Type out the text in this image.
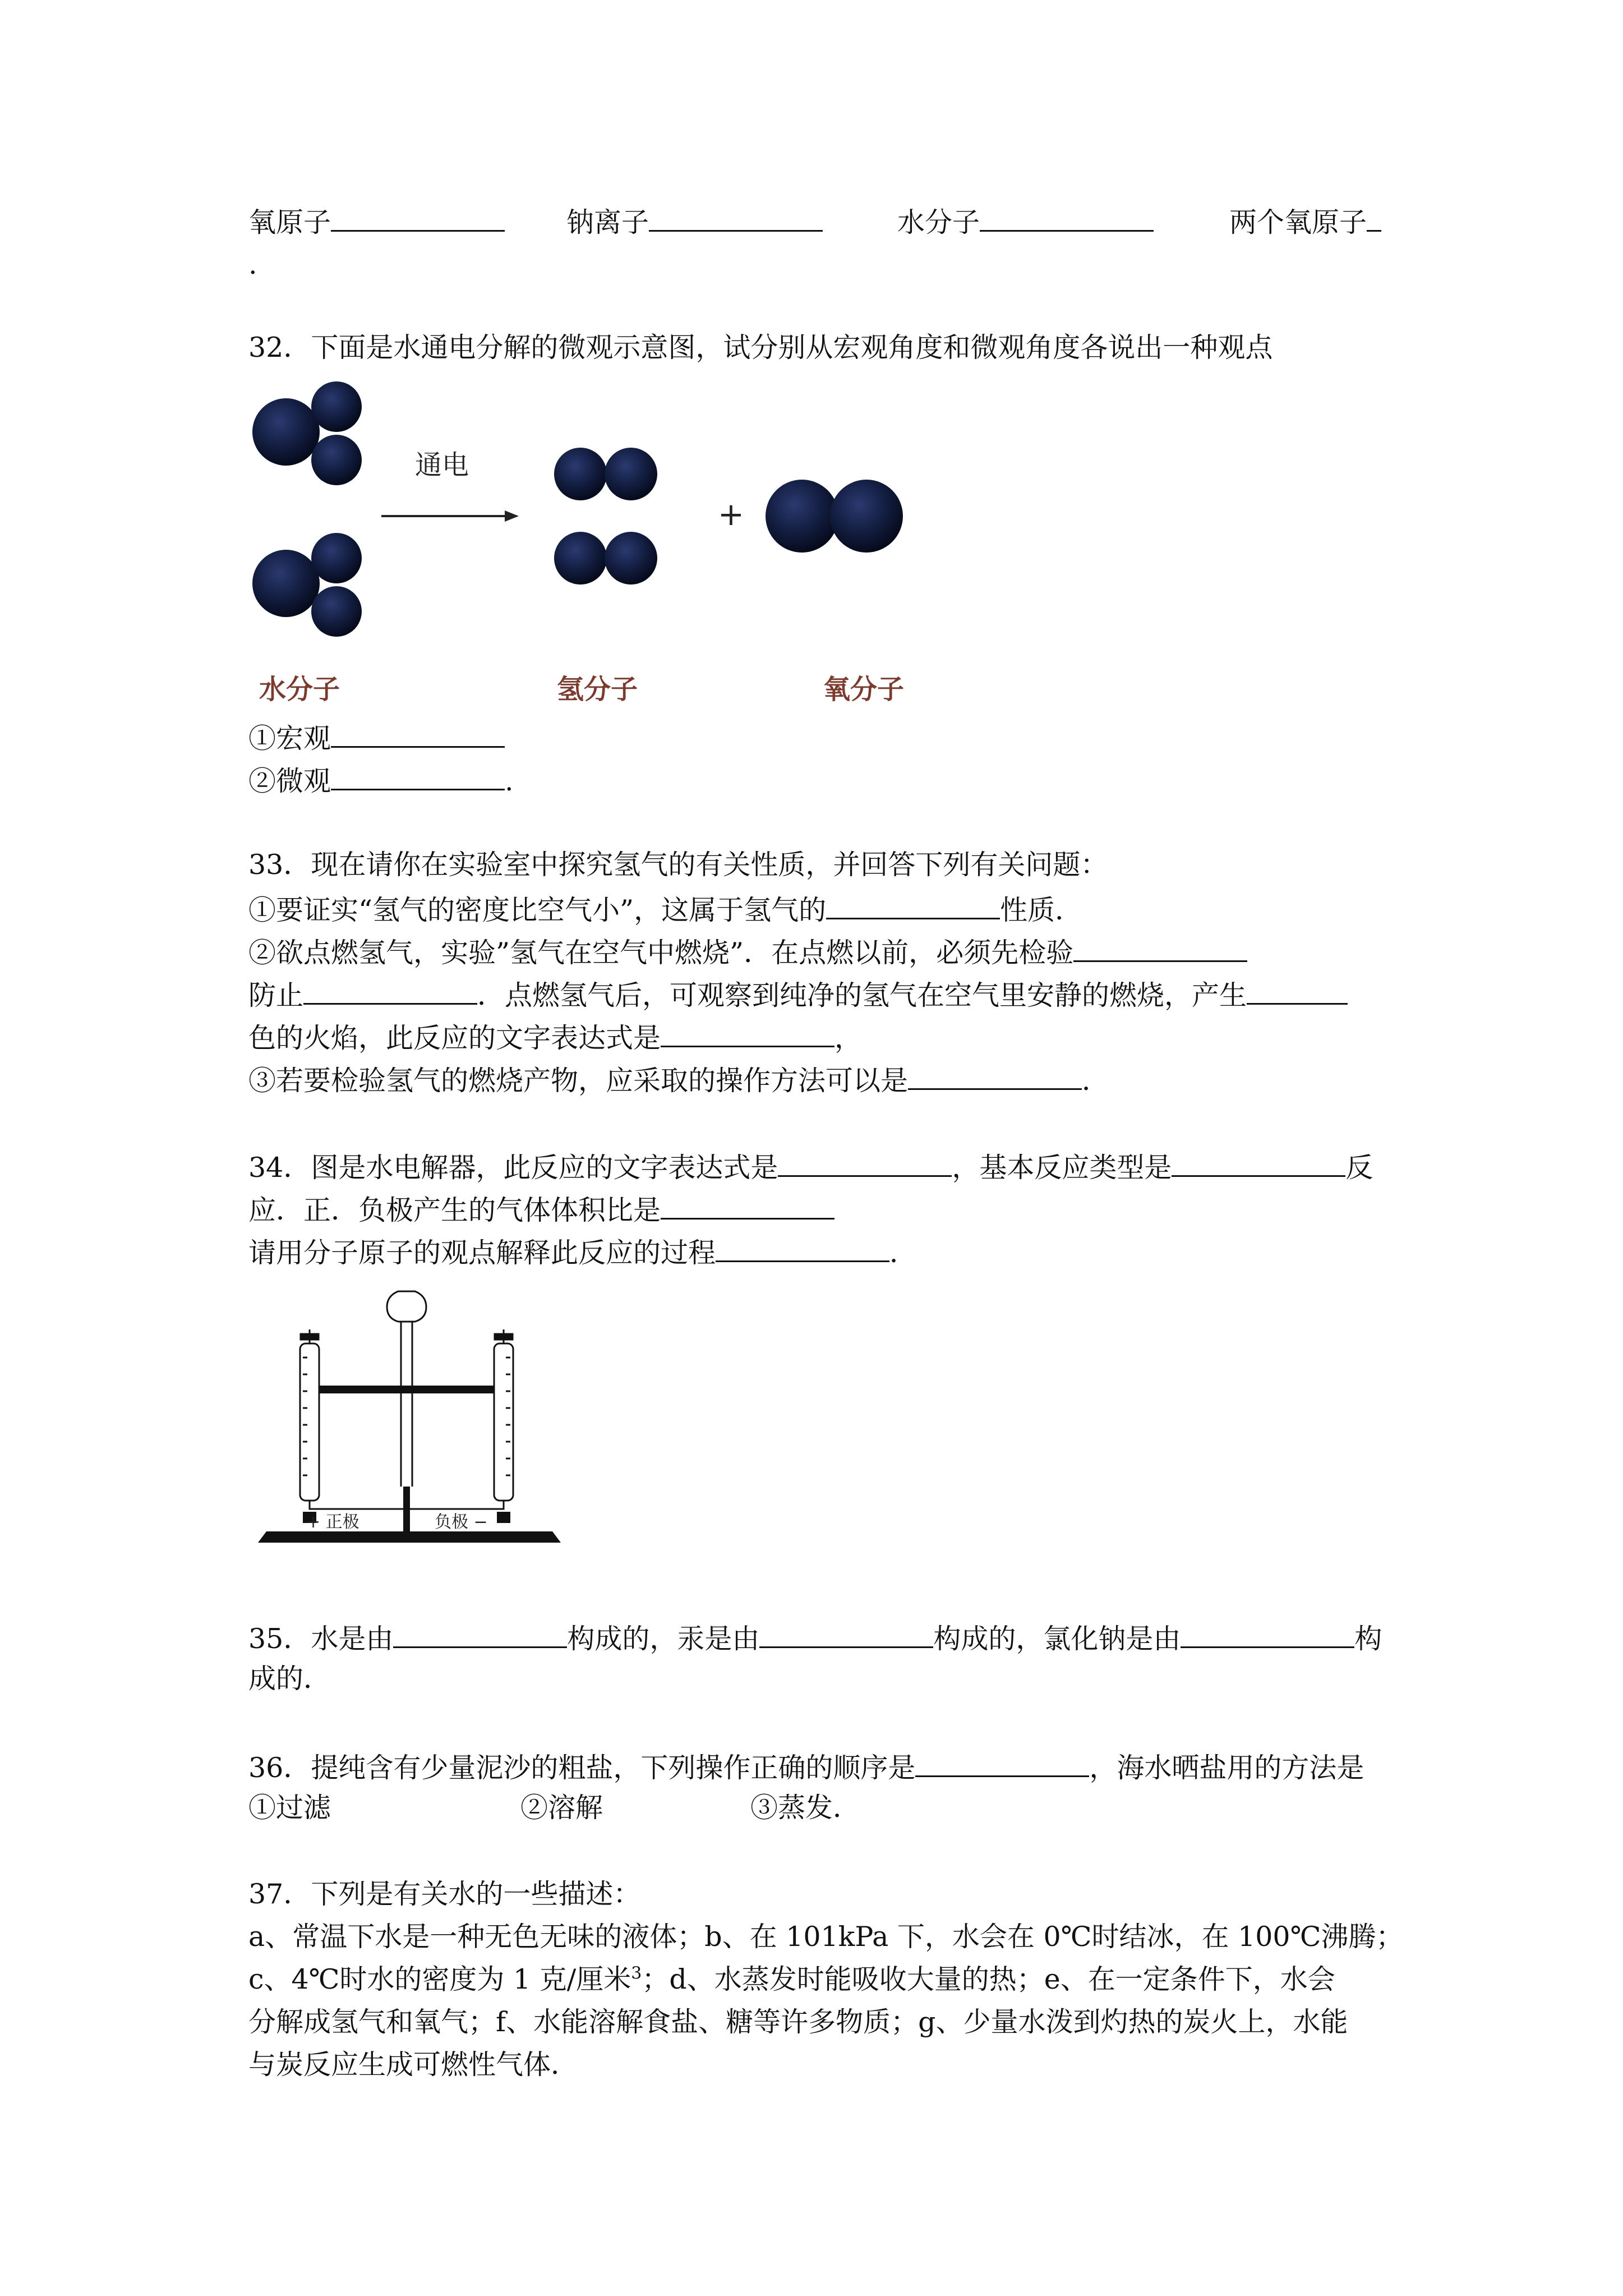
氧原子	钠离子	水分子	两个氧原子
.
32．下面是水通电分解的微观示意图，试分别从宏观角度和微观角度各说出一种观点
通电
+
水分子	氢分子	氧分子
①宏观
②微观	.
33．现在请你在实验室中探究氢气的有关性质，并回答下列有关问题：
①要证实“氢气的密度比空气小”，这属于氢气的	性质．
②欲点燃氢气，实验”氢气在空气中燃烧”．在点燃以前，必须先检验
防止	．点燃氢气后，可观察到纯净的氢气在空气里安静的燃烧，产生
色的火焰，此反应的文字表达式是	，
③若要检验氢气的燃烧产物，应采取的操作方法可以是	．
34．图是水电解器，此反应的文字表达式是	，基本反应类型是	反
应．正．负极产生的气体体积比是
请用分子原子的观点解释此反应的过程	．
+ 正极	负极 −
35．水是由	构成的，汞是由	构成的，氯化钠是由	构
成的．
36．提纯含有少量泥沙的粗盐，下列操作正确的顺序是	，海水晒盐用的方法是
①过滤	②溶解	③蒸发．
37．下列是有关水的一些描述：
a、常温下水是一种无色无味的液体；b、在 101kPa 下，水会在 0℃时结冰，在 100℃沸腾；
c、4℃时水的密度为 1 克/厘米$^3$；d、水蒸发时能吸收大量的热；e、在一定条件下，水会
分解成氢气和氧气；f、水能溶解食盐、糖等许多物质；g、少量水泼到灼热的炭火上，水能
与炭反应生成可燃性气体．
